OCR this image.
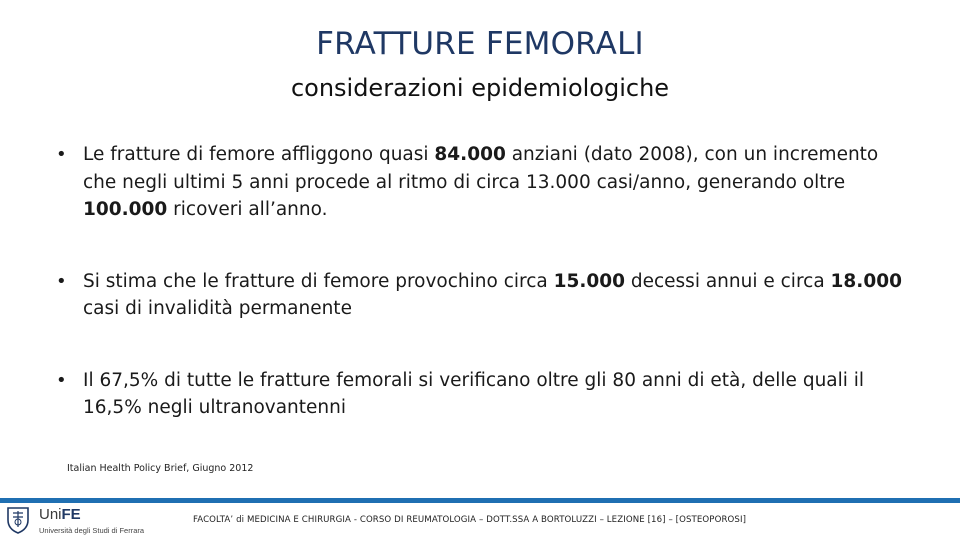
FRATTURE FEMORALI
considerazioni epidemiologiche
• Le fratture di femore affliggono quasi 84.000 anziani (dato 2008), con un incremento che negli ultimi 5 anni procede al ritmo di circa 13.000 casi/anno, generando oltre 100.000 ricoveri all’anno.
• Si stima che le fratture di femore provochino circa 15.000 decessi annui e circa 18.000 casi di invalidità permanente
• Il 67,5% di tutte le fratture femorali si verificano oltre gli 80 anni di età, delle quali il 16,5% negli ultranovantenni
Italian Health Policy Brief, Giugno 2012
UniFE
Università degli Studi di Ferrara
FACOLTA’ di MEDICINA E CHIRURGIA - CORSO DI REUMATOLOGIA – DOTT.SSA A BORTOLUZZI – LEZIONE [16] – [OSTEOPOROSI]
